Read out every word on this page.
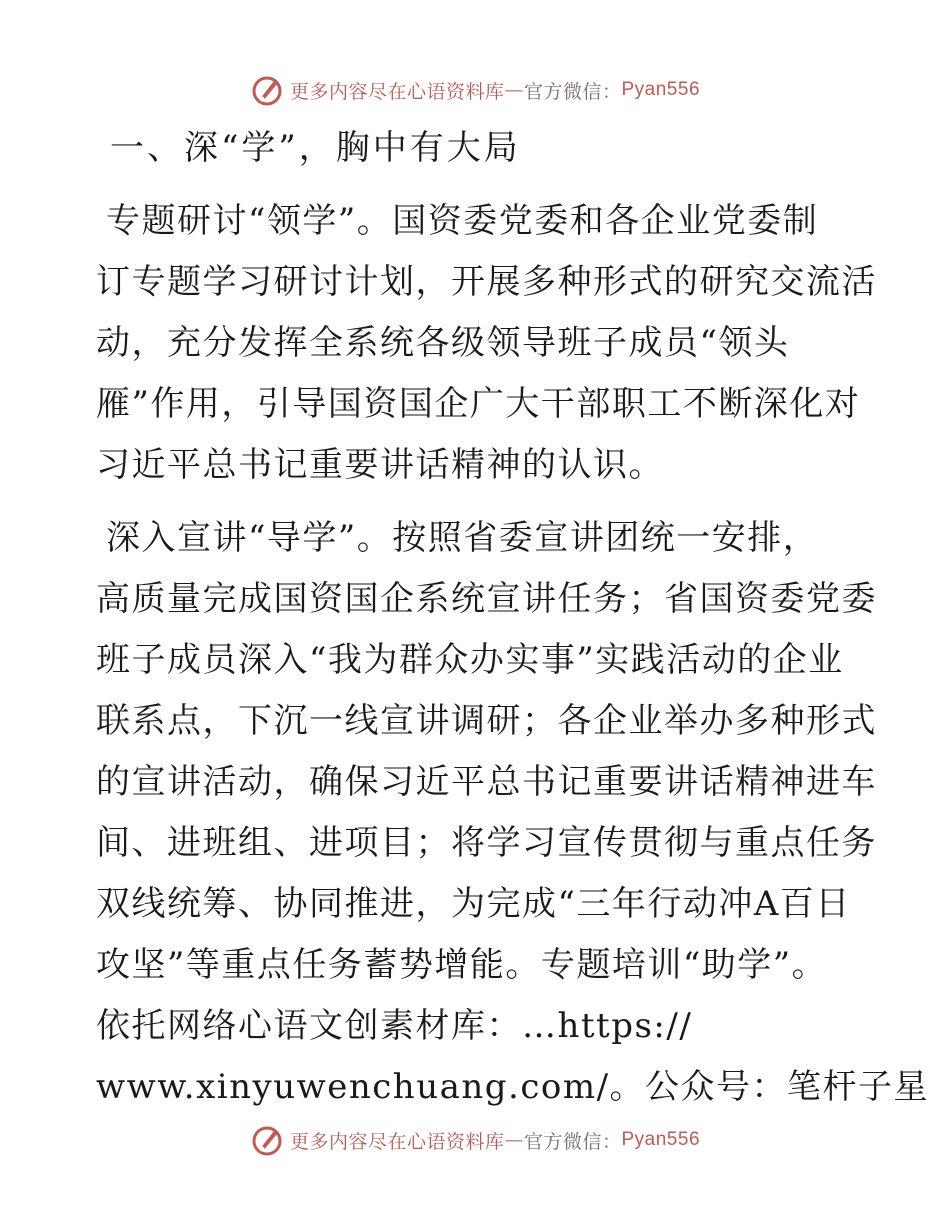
更多内容尽在心语资料库 — 官方微信： Pyan556
一、深“学”，胸中有大局
专题研讨“领学”。国资委党委和各企业党委制
订专题学习研讨计划，开展多种形式的研究交流活
动，充分发挥全系统各级领导班子成员“领头
雁”作用，引导国资国企广大干部职工不断深化对
习近平总书记重要讲话精神的认识。
深入宣讲“导学”。按照省委宣讲团统一安排，
高质量完成国资国企系统宣讲任务；省国资委党委
班子成员深入“我为群众办实事”实践活动的企业
联系点，下沉一线宣讲调研；各企业举办多种形式
的宣讲活动，确保习近平总书记重要讲话精神进车
间、进班组、进项目；将学习宣传贯彻与重点任务
双线统筹、协同推进，为完成“三年行动冲A百日
攻坚”等重点任务蓄势增能。专题培训“助学”。
依托网络心语文创素材库：…https://
www.xinyuwenchuang.com/。公众号：笔杆子星
更多内容尽在心语资料库 — 官方微信： Pyan556
